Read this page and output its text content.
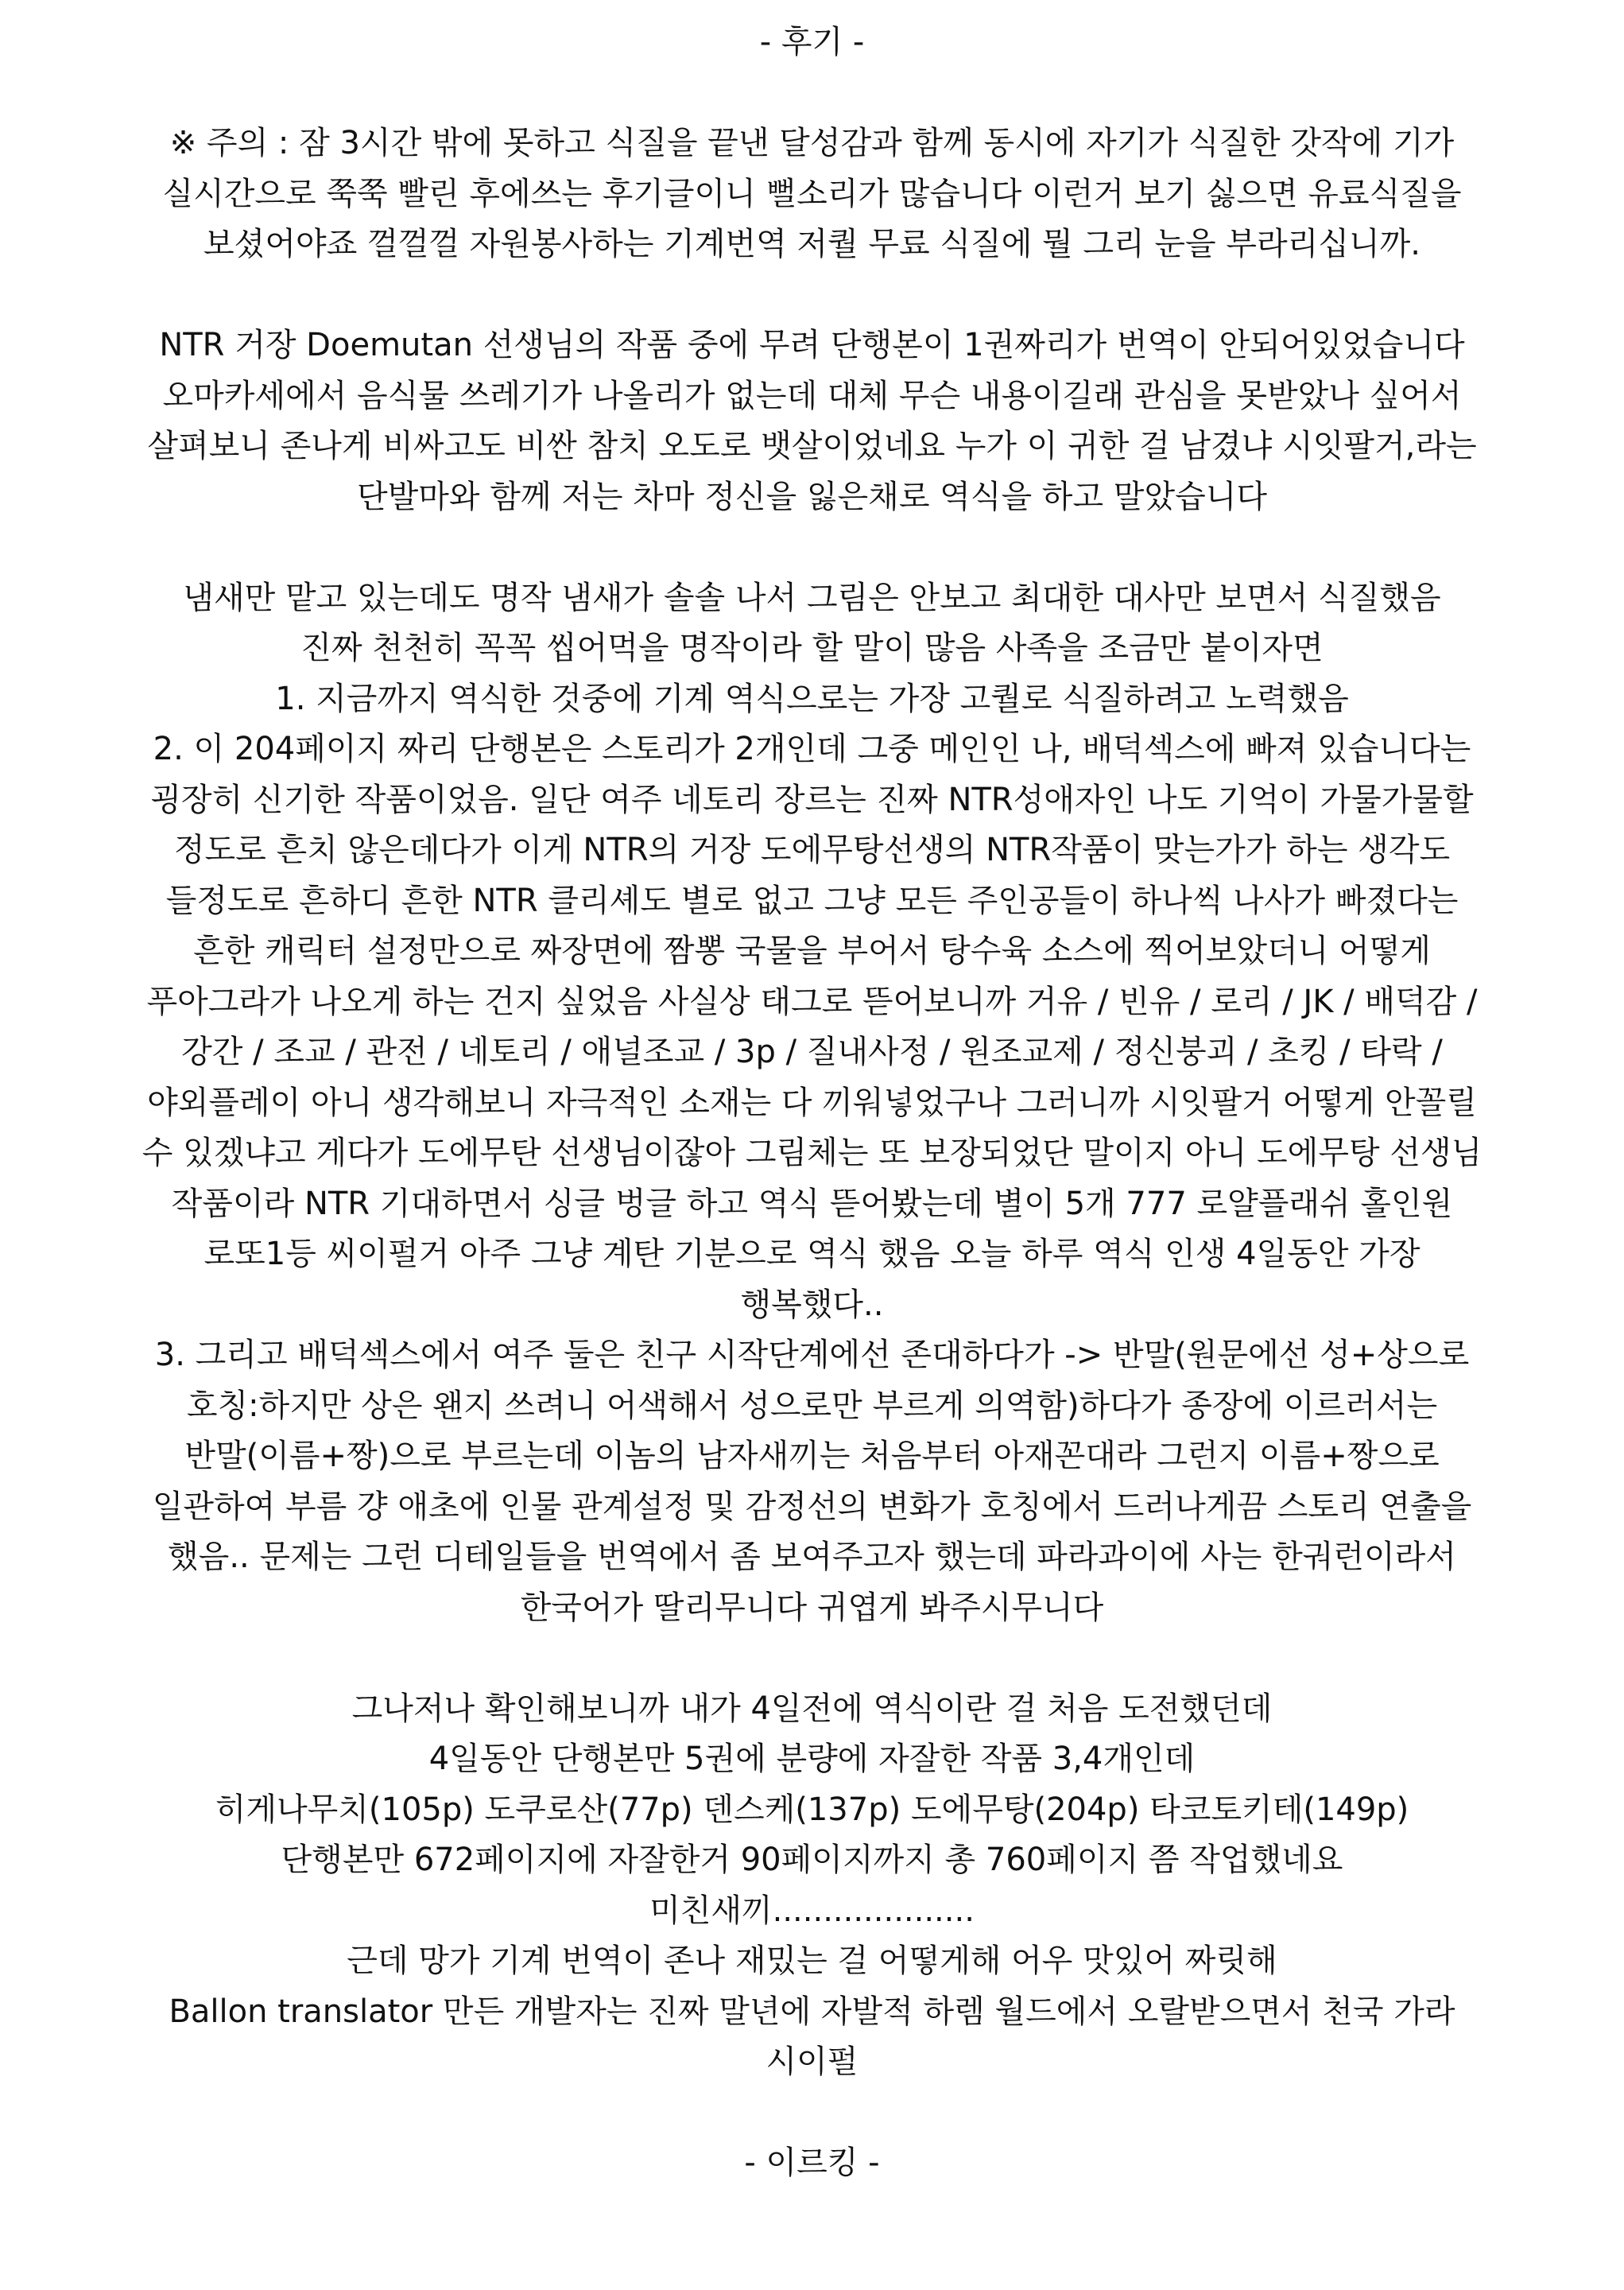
- 후기 -
※ 주의 : 잠 3시간 밖에 못하고 식질을 끝낸 달성감과 함께 동시에 자기가 식질한 갓작에 기가
실시간으로 쭉쭉 빨린 후에쓰는 후기글이니 뻘소리가 많습니다 이런거 보기 싫으면 유료식질을
보셨어야죠 껄껄껄 자원봉사하는 기계번역 저퀄 무료 식질에 뭘 그리 눈을 부라리십니까.
NTR 거장 Doemutan 선생님의 작품 중에 무려 단행본이 1권짜리가 번역이 안되어있었습니다
오마카세에서 음식물 쓰레기가 나올리가 없는데 대체 무슨 내용이길래 관심을 못받았나 싶어서
살펴보니 존나게 비싸고도 비싼 참치 오도로 뱃살이었네요 누가 이 귀한 걸 남겼냐 시잇팔거,라는
단발마와 함께 저는 차마 정신을 잃은채로 역식을 하고 말았습니다
냄새만 맡고 있는데도 명작 냄새가 솔솔 나서 그림은 안보고 최대한 대사만 보면서 식질했음
진짜 천천히 꼭꼭 씹어먹을 명작이라 할 말이 많음 사족을 조금만 붙이자면
1. 지금까지 역식한 것중에 기계 역식으로는 가장 고퀄로 식질하려고 노력했음
2. 이 204페이지 짜리 단행본은 스토리가 2개인데 그중 메인인 나, 배덕섹스에 빠져 있습니다는
굉장히 신기한 작품이었음. 일단 여주 네토리 장르는 진짜 NTR성애자인 나도 기억이 가물가물할
정도로 흔치 않은데다가 이게 NTR의 거장 도에무탕선생의 NTR작품이 맞는가가 하는 생각도
들정도로 흔하디 흔한 NTR 클리셰도 별로 없고 그냥 모든 주인공들이 하나씩 나사가 빠졌다는
흔한 캐릭터 설정만으로 짜장면에 짬뽕 국물을 부어서 탕수육 소스에 찍어보았더니 어떻게
푸아그라가 나오게 하는 건지 싶었음 사실상 태그로 뜯어보니까 거유 / 빈유 / 로리 / JK / 배덕감 /
강간 / 조교 / 관전 / 네토리 / 애널조교 / 3p / 질내사정 / 원조교제 / 정신붕괴 / 초킹 / 타락 /
야외플레이 아니 생각해보니 자극적인 소재는 다 끼워넣었구나 그러니까 시잇팔거 어떻게 안꼴릴
수 있겠냐고 게다가 도에무탄 선생님이잖아 그림체는 또 보장되었단 말이지 아니 도에무탕 선생님
작품이라 NTR 기대하면서 싱글 벙글 하고 역식 뜯어봤는데 별이 5개 777 로얄플래쉬 홀인원
로또1등 씨이펄거 아주 그냥 계탄 기분으로 역식 했음 오늘 하루 역식 인생 4일동안 가장
행복했다..
3. 그리고 배덕섹스에서 여주 둘은 친구 시작단계에선 존대하다가 -> 반말(원문에선 성+상으로
호칭:하지만 상은 왠지 쓰려니 어색해서 성으로만 부르게 의역함)하다가 종장에 이르러서는
반말(이름+짱)으로 부르는데 이놈의 남자새끼는 처음부터 아재꼰대라 그런지 이름+짱으로
일관하여 부름 걍 애초에 인물 관계설정 및 감정선의 변화가 호칭에서 드러나게끔 스토리 연출을
했음.. 문제는 그런 디테일들을 번역에서 좀 보여주고자 했는데 파라과이에 사는 한궈런이라서
한국어가 딸리무니다 귀엽게 봐주시무니다
그나저나 확인해보니까 내가 4일전에 역식이란 걸 처음 도전했던데
4일동안 단행본만 5권에 분량에 자잘한 작품 3,4개인데
히게나무치(105p) 도쿠로산(77p) 덴스케(137p) 도에무탕(204p) 타코토키테(149p)
단행본만 672페이지에 자잘한거 90페이지까지 총 760페이지 쯤 작업했네요
미친새끼....................
근데 망가 기계 번역이 존나 재밌는 걸 어떻게해 어우 맛있어 짜릿해
Ballon translator 만든 개발자는 진짜 말년에 자발적 하렘 월드에서 오랄받으면서 천국 가라
시이펄
- 이르킹 -
